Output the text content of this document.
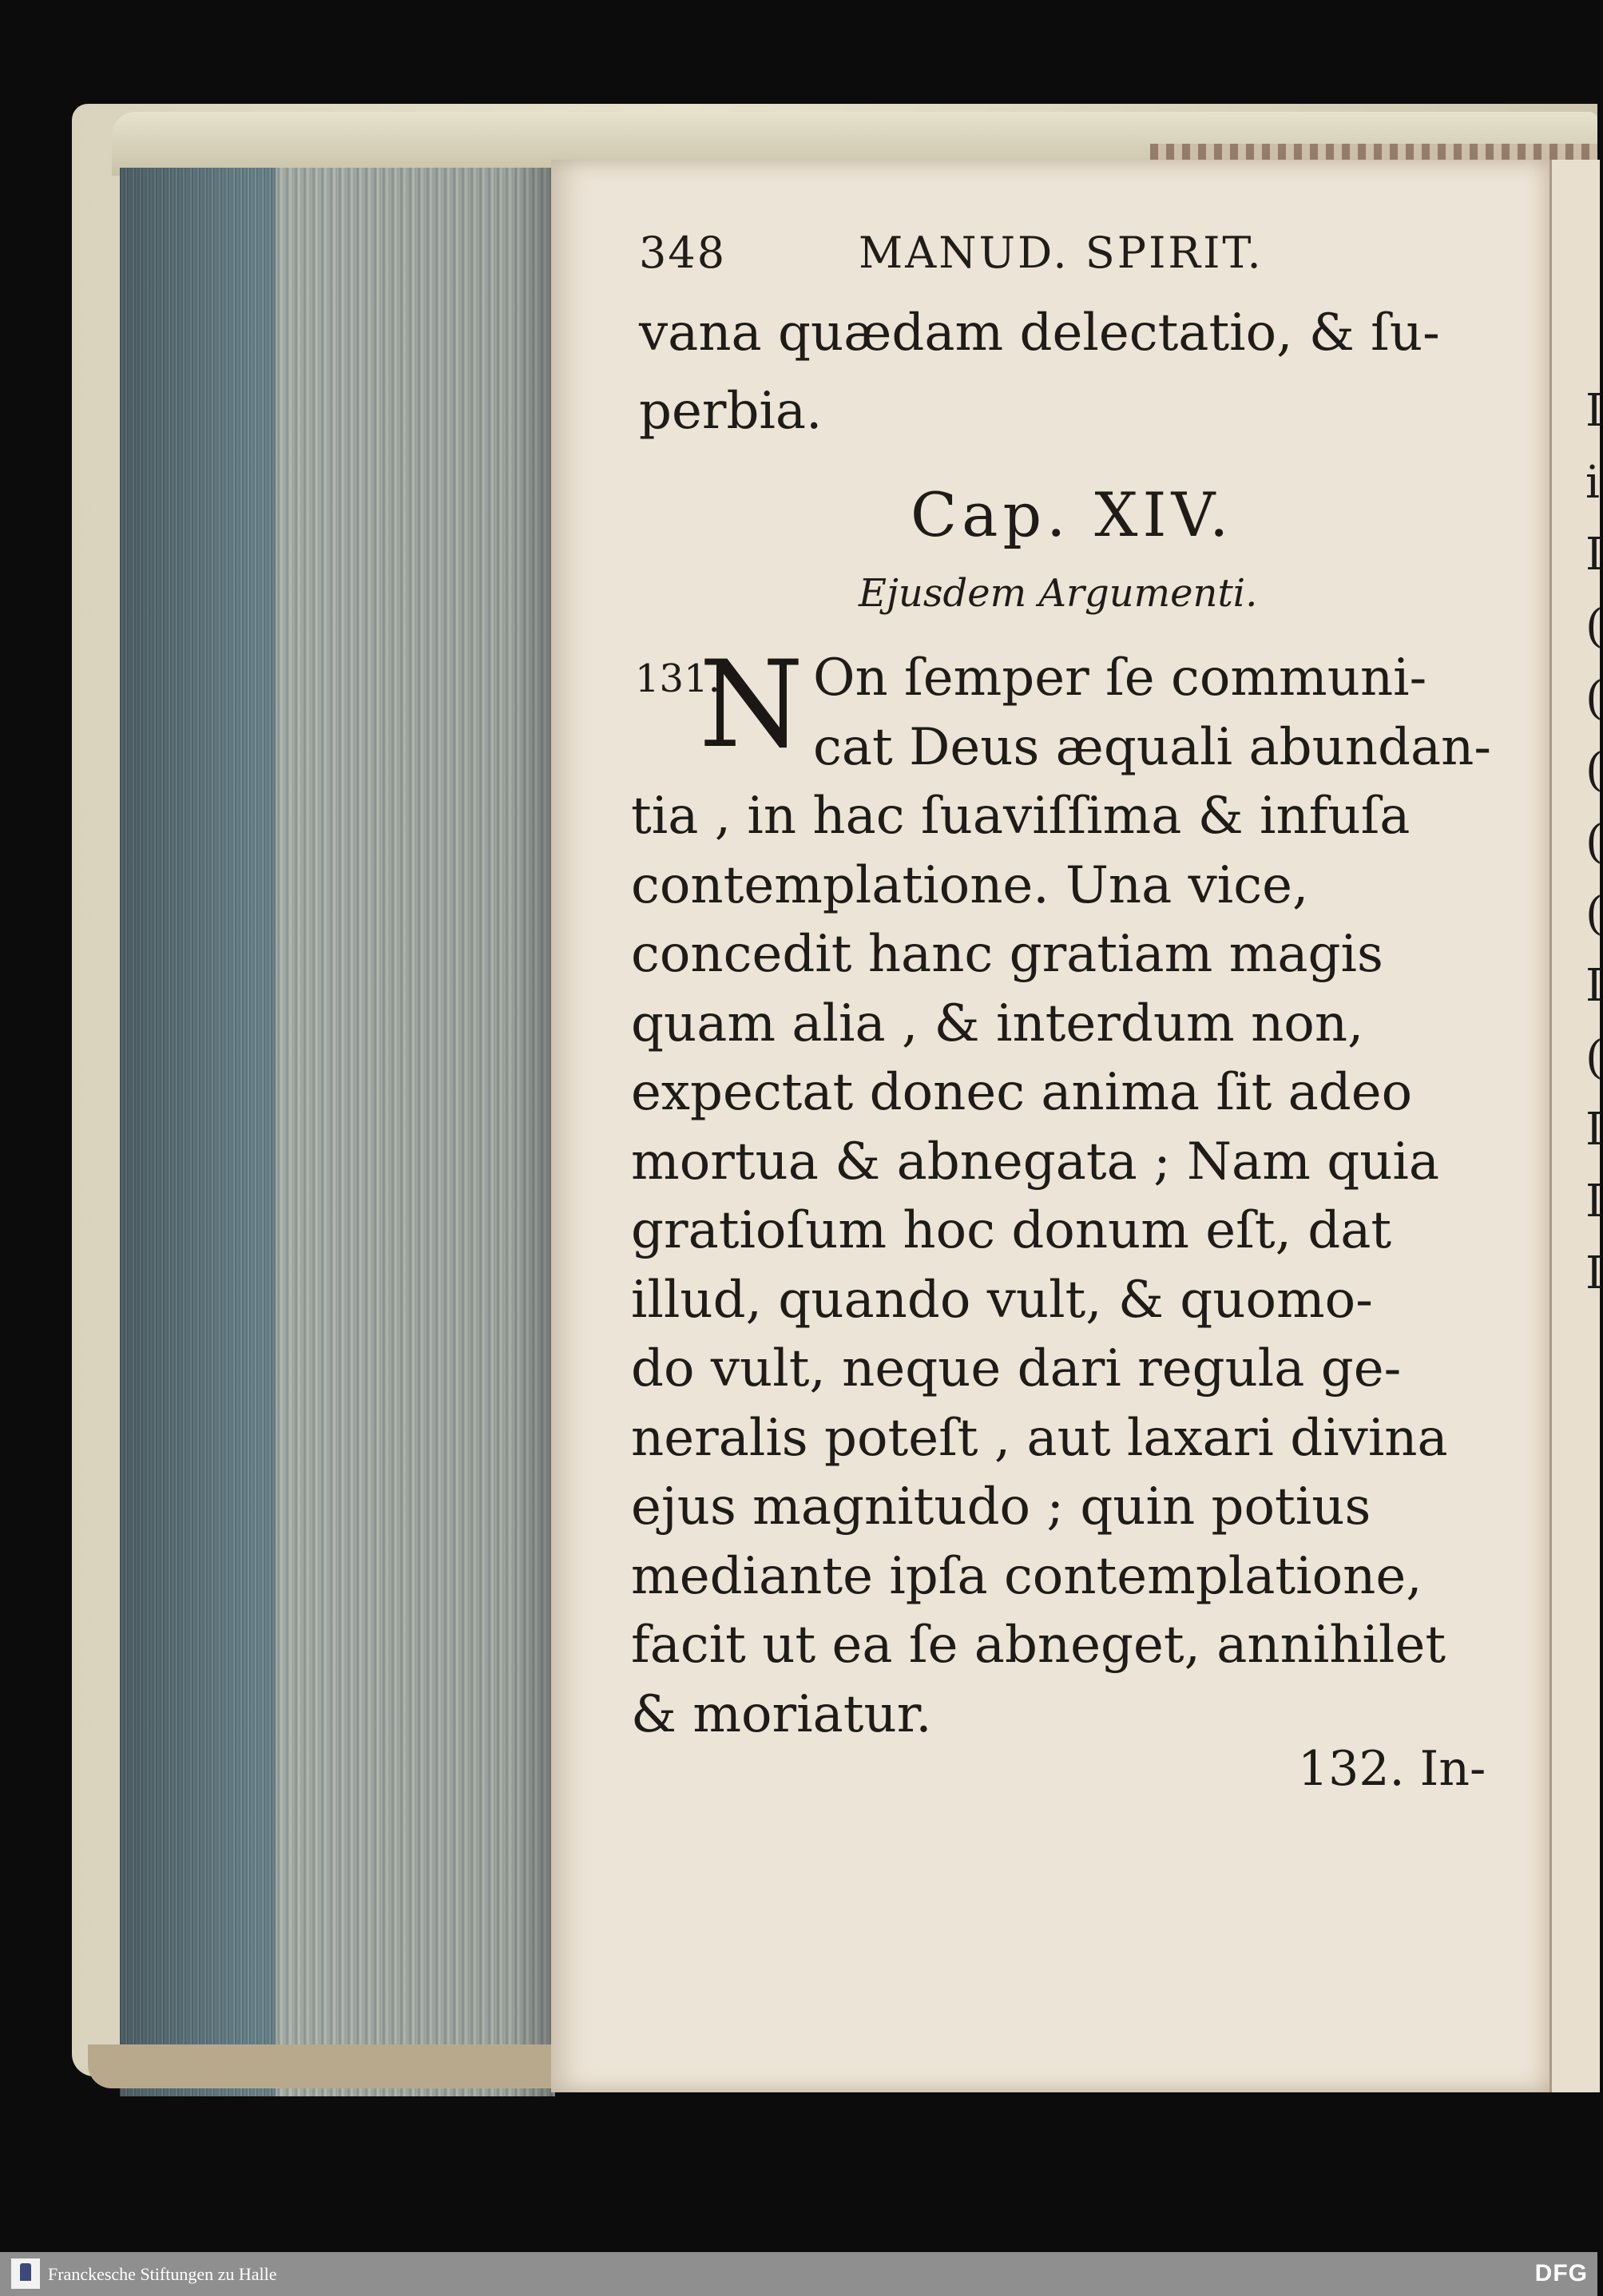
I
i
I
(
(
(
(
(
I
(
I
I
I
348	MANUD. SPIRIT.
vana quædam delectatio, & ſu-
perbia.
Cap. XIV.
Ejusdem Argumenti.
131.
N On ſemper ſe communi-
cat Deus æquali abundan-
tia , in hac ſuaviſſima & infuſa
contemplatione. Una vice,
concedit hanc gratiam magis
quam alia , & interdum non,
expectat donec anima ſit adeo
mortua & abnegata ; Nam quia
gratioſum hoc donum eſt, dat
illud, quando vult, & quomo-
do vult, neque dari regula ge-
neralis poteſt , aut laxari divina
ejus magnitudo ; quin potius
mediante ipſa contemplatione,
facit ut ea ſe abneget, annihilet
& moriatur.
132. In-
Franckesche Stiftungen zu Halle	DFG
